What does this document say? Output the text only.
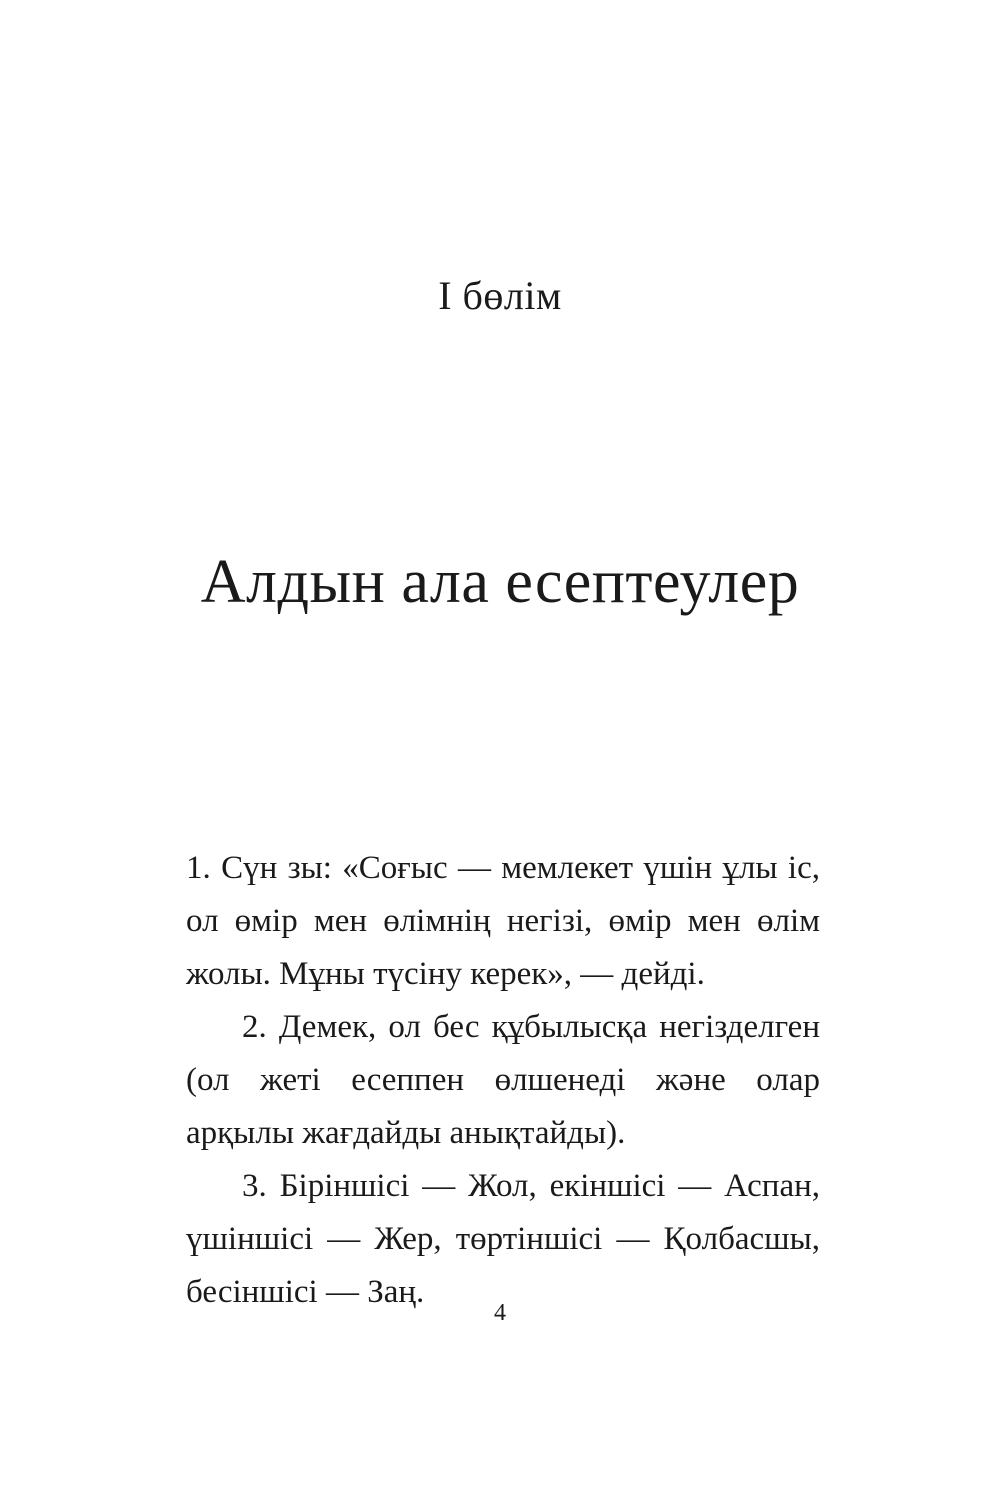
I бөлім
Алдын ала есептеулер

1. Сүн зы: «Соғыс — мемлекет үшін ұлы іс, ол өмір мен өлімнің негізі, өмір мен өлім жолы. Мұны түсіну керек», — дейді.

2. Демек, ол бес құбылысқа негізделген (ол жеті есеппен өлшенеді және олар арқылы жағдайды анықтайды).

3. Біріншісі — Жол, екіншісі — Аспан, үшіншісі — Жер, төртіншісі — Қолбасшы, бесіншісі — Заң.

4
